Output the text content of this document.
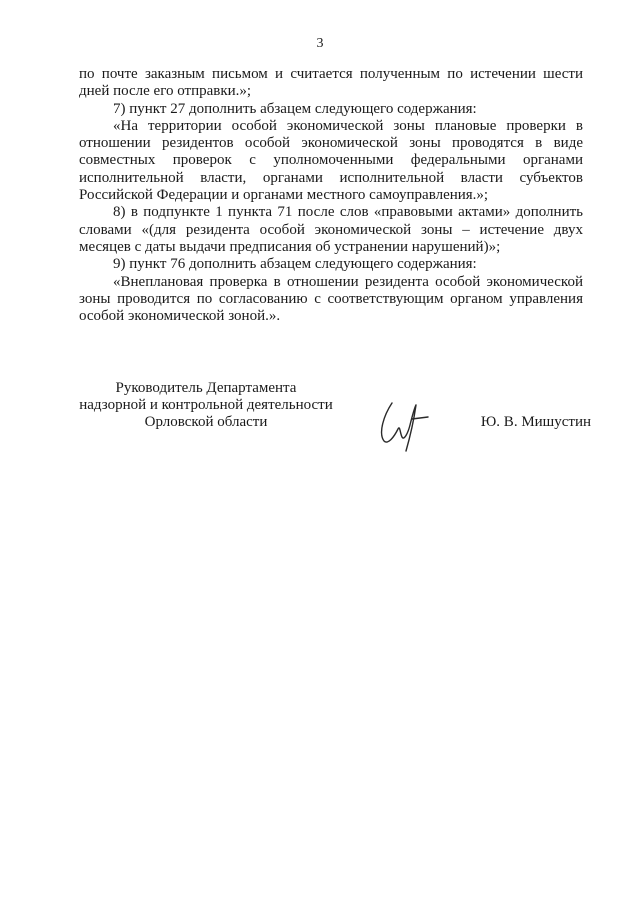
3

по почте заказным письмом и считается полученным по истечении шести дней после его отправки.»;

7) пункт 27 дополнить абзацем следующего содержания:

«На территории особой экономической зоны плановые проверки в отношении резидентов особой экономической зоны проводятся в виде совместных проверок с уполномоченными федеральными органами исполнительной власти, органами исполнительной власти субъектов Российской Федерации и органами местного самоуправления.»;

8) в подпункте 1 пункта 71 после слов «правовыми актами» дополнить словами «(для резидента особой экономической зоны – истечение двух месяцев с даты выдачи предписания об устранении нарушений)»;

9) пункт 76 дополнить абзацем следующего содержания:

«Внеплановая проверка в отношении резидента особой экономической зоны проводится по согласованию с соответствующим органом управления особой экономической зоной.».

Руководитель Департамента
надзорной и контрольной деятельности
Орловской области	Ю. В. Мишустин
